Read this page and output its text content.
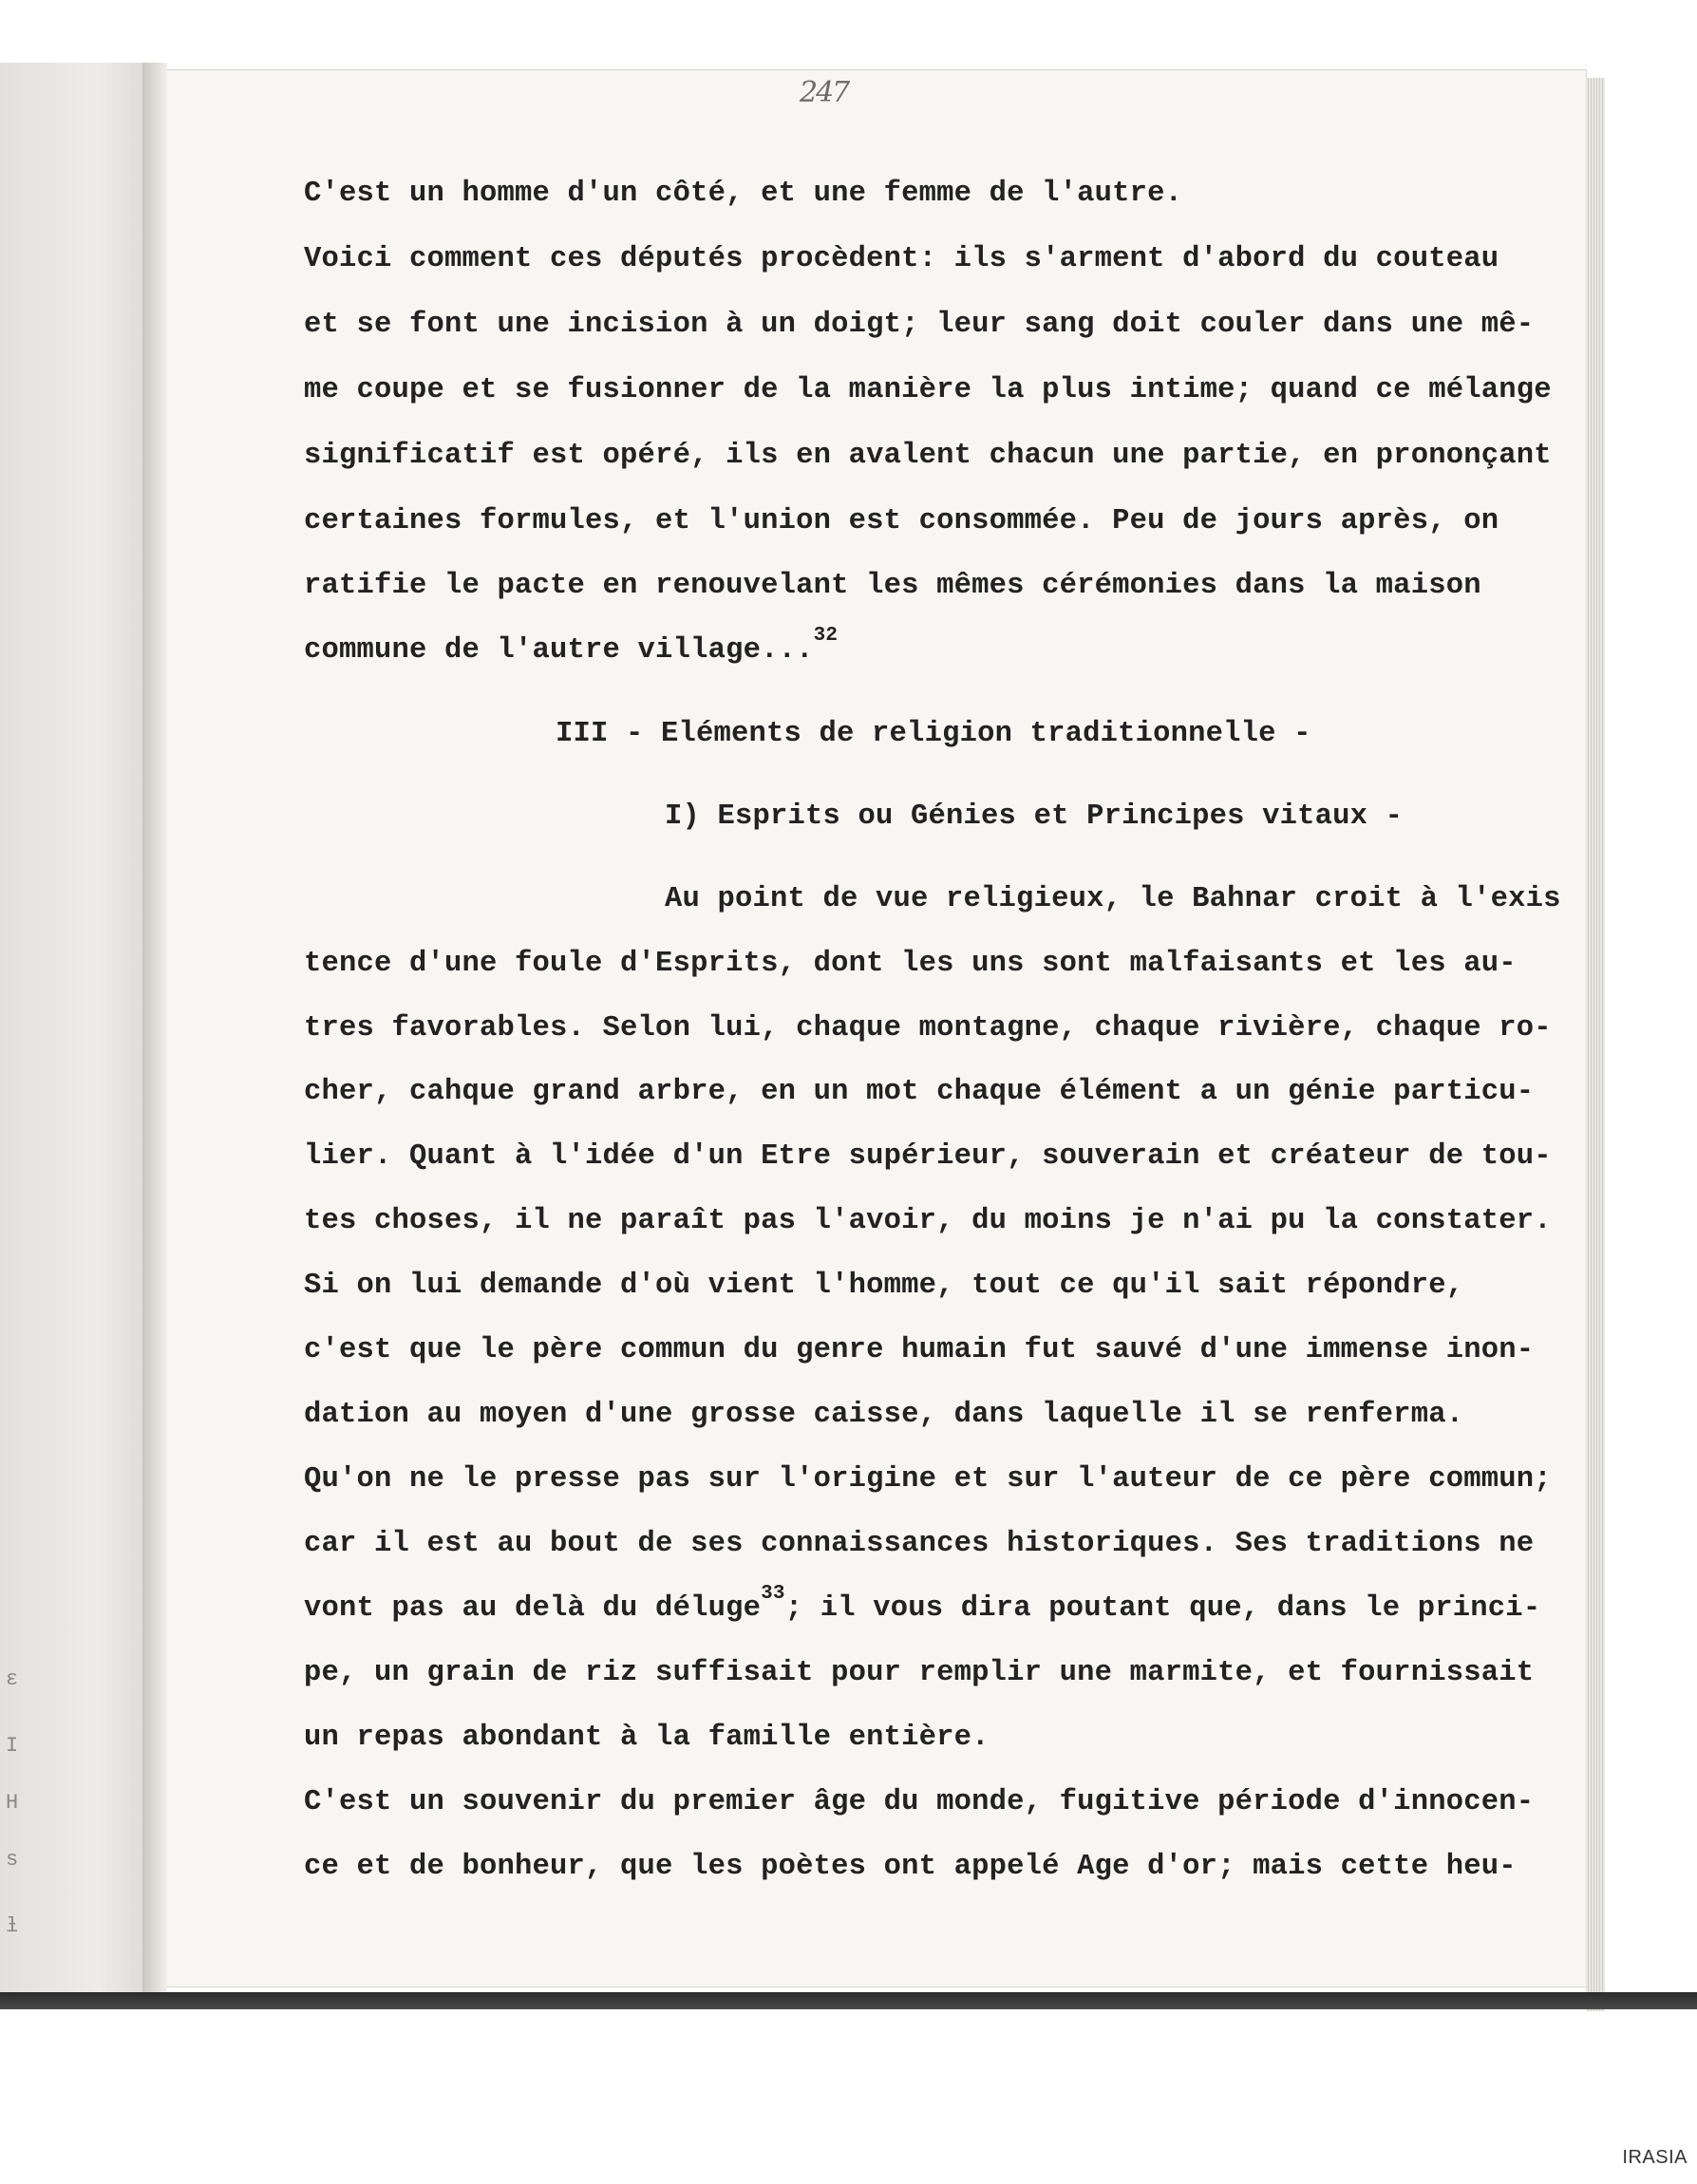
ε
I
H
s
ƚ
247
C'est un homme d'un côté, et une femme de l'autre.
Voici comment ces députés procèdent: ils s'arment d'abord du couteau
et se font une incision à un doigt; leur sang doit couler dans une mê-
me coupe et se fusionner de la manière la plus intime; quand ce mélange
significatif est opéré, ils en avalent chacun une partie, en prononçant
certaines formules, et l'union est consommée. Peu de jours après, on
ratifie le pacte en renouvelant les mêmes cérémonies dans la maison
commune de l'autre village...$^{32}$
III - Eléments de religion traditionnelle -
I) Esprits ou Génies et Principes vitaux -
Au point de vue religieux, le Bahnar croit à l'exis
tence d'une foule d'Esprits, dont les uns sont malfaisants et les au-
tres favorables. Selon lui, chaque montagne, chaque rivière, chaque ro-
cher, cahque grand arbre, en un mot chaque élément a un génie particu-
lier. Quant à l'idée d'un Etre supérieur, souverain et créateur de tou-
tes choses, il ne paraît pas l'avoir, du moins je n'ai pu la constater.
Si on lui demande d'où vient l'homme, tout ce qu'il sait répondre,
c'est que le père commun du genre humain fut sauvé d'une immense inon-
dation au moyen d'une grosse caisse, dans laquelle il se renferma.
Qu'on ne le presse pas sur l'origine et sur l'auteur de ce père commun;
car il est au bout de ses connaissances historiques. Ses traditions ne
vont pas au delà du déluge$^{33}$; il vous dira poutant que, dans le princi-
pe, un grain de riz suffisait pour remplir une marmite, et fournissait
un repas abondant à la famille entière.
C'est un souvenir du premier âge du monde, fugitive période d'innocen-
ce et de bonheur, que les poètes ont appelé Age d'or; mais cette heu-
IRASIA
